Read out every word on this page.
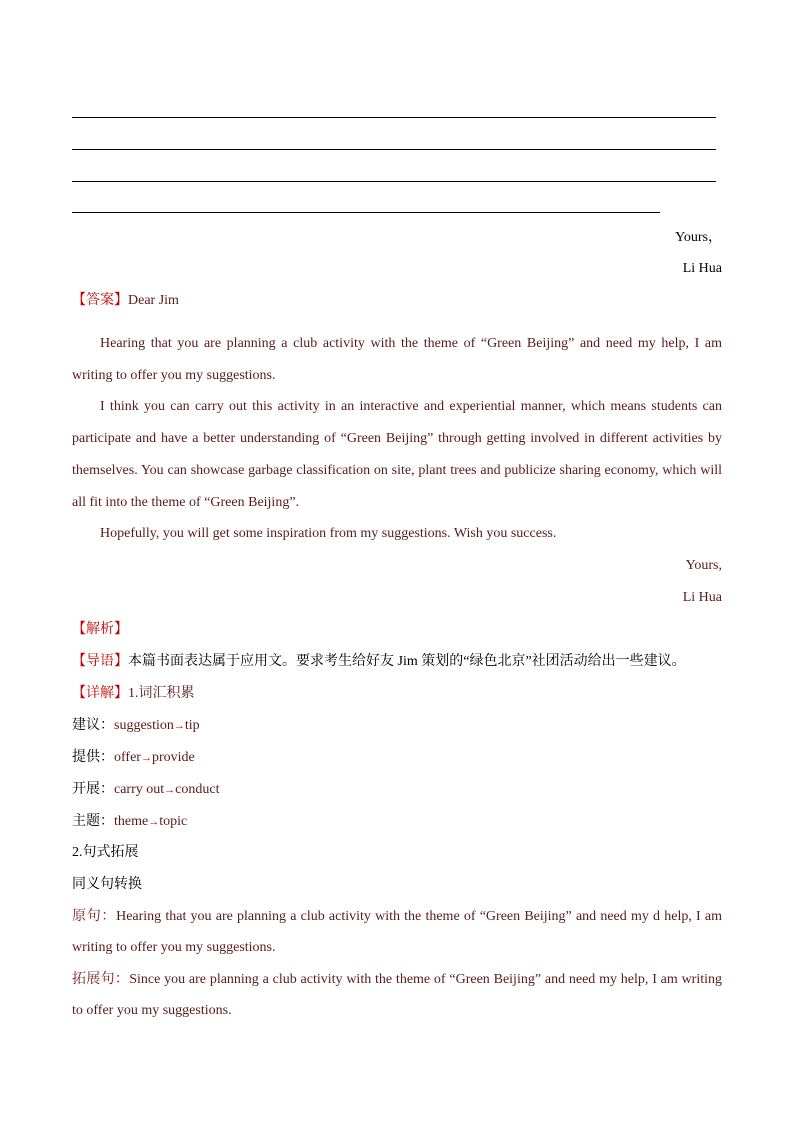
Yours，
Li Hua
【答案】Dear Jim
Hearing that you are planning a club activity with the theme of “Green Beijing” and need my help, I am
writing to offer you my suggestions.
I think you can carry out this activity in an interactive and experiential manner, which means students can
participate and have a better understanding of “Green Beijing” through getting involved in different activities by
themselves. You can showcase garbage classification on site, plant trees and publicize sharing economy, which will
all fit into the theme of “Green Beijing”.
Hopefully, you will get some inspiration from my suggestions. Wish you success.
Yours,
Li Hua
【解析】
【导语】本篇书面表达属于应用文。要求考生给好友 Jim 策划的“绿色北京”社团活动给出一些建议。
【详解】1.词汇积累
建议：suggestion→tip
提供：offer→provide
开展：carry out→conduct
主题：theme→topic
2.句式拓展
同义句转换
原句：Hearing that you are planning a club activity with the theme of “Green Beijing” and need my d help, I am
writing to offer you my suggestions.
拓展句：Since you are planning a club activity with the theme of “Green Beijing” and need my help, I am writing
to offer you my suggestions.
